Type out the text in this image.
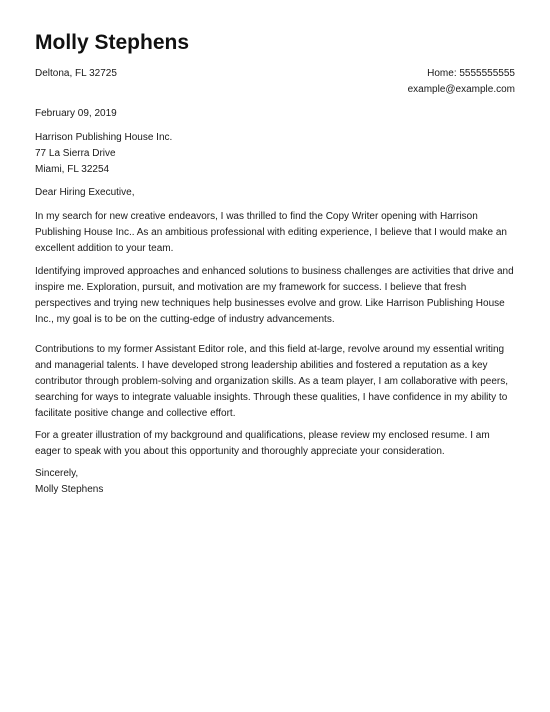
Molly Stephens
Deltona, FL 32725	Home: 5555555555
example@example.com
February 09, 2019
Harrison Publishing House Inc.
77 La Sierra Drive
Miami, FL 32254
Dear Hiring Executive,

In my search for new creative endeavors, I was thrilled to find the Copy Writer opening with Harrison Publishing House Inc.. As an ambitious professional with editing experience, I believe that I would make an excellent addition to your team.

Identifying improved approaches and enhanced solutions to business challenges are activities that drive and inspire me. Exploration, pursuit, and motivation are my framework for success. I believe that fresh perspectives and trying new techniques help businesses evolve and grow. Like Harrison Publishing House Inc., my goal is to be on the cutting-edge of industry advancements.

Contributions to my former Assistant Editor role, and this field at-large, revolve around my essential writing and managerial talents. I have developed strong leadership abilities and fostered a reputation as a key contributor through problem-solving and organization skills. As a team player, I am collaborative with peers, searching for ways to integrate valuable insights. Through these qualities, I have confidence in my ability to facilitate positive change and collective effort.

For a greater illustration of my background and qualifications, please review my enclosed resume. I am eager to speak with you about this opportunity and thoroughly appreciate your consideration.

Sincerely,
Molly Stephens
